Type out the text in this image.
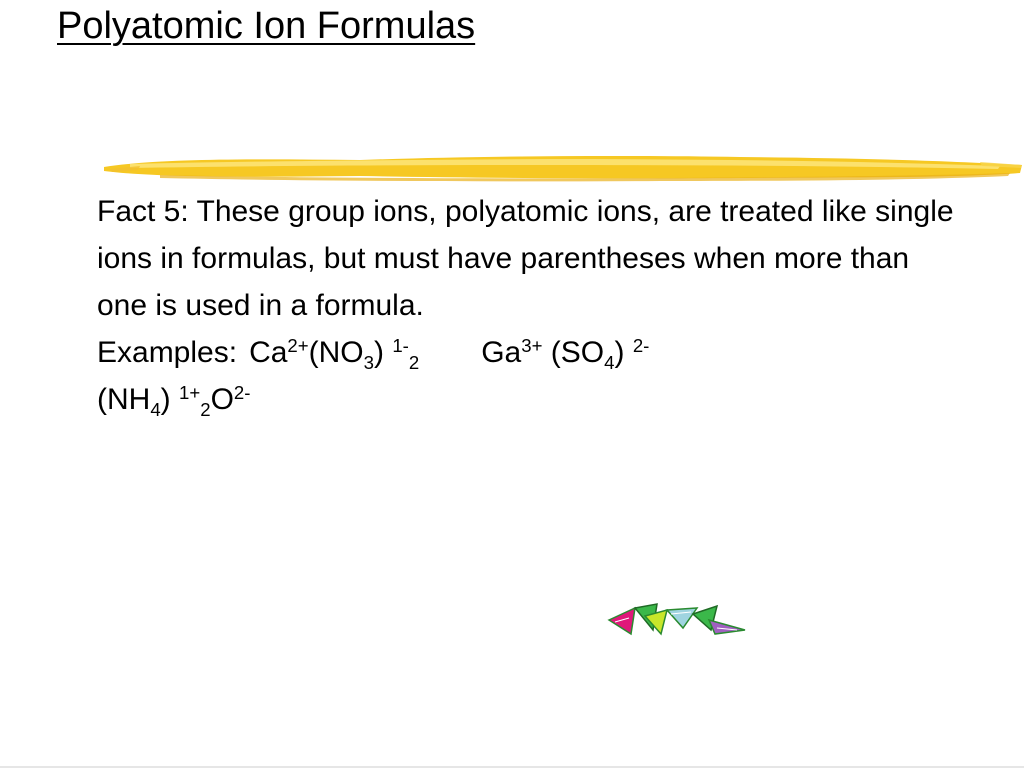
Polyatomic Ion Formulas
Fact 5: These group ions, polyatomic ions, are treated like single ions in formulas, but must have parentheses when more than one is used in a formula.
Examples: $Ca^{2+}(NO_3)$ $^{1-}_2$ $Ga^{3+}$ $(SO_4)$ $^{2-}$
$(NH_4)$ $^{1+}_2O^{2-}$
